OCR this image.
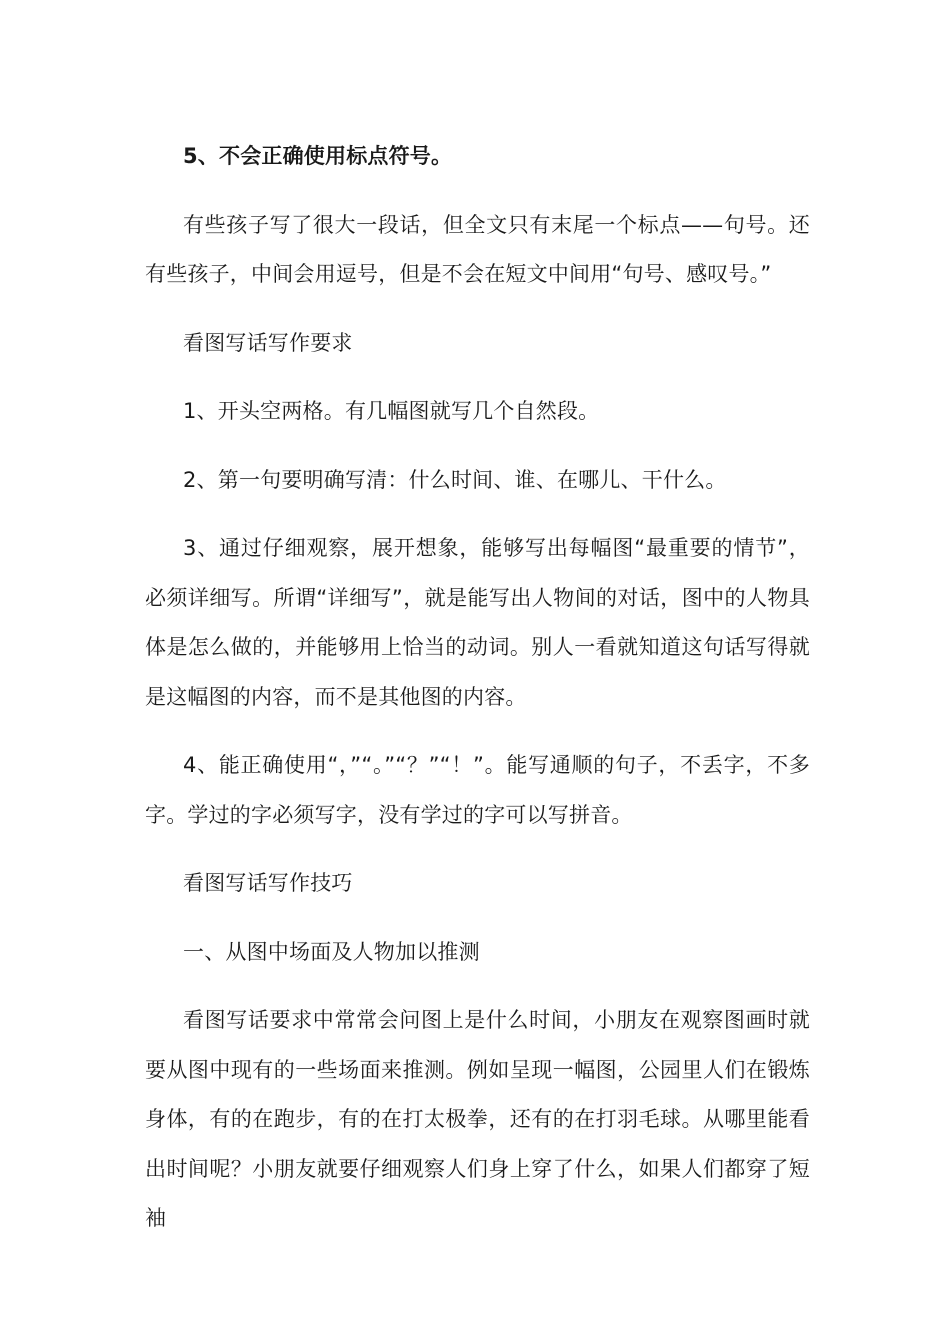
5、不会正确使用标点符号。

有些孩子写了很大一段话，但全文只有末尾一个标点——句号。还有些孩子，中间会用逗号，但是不会在短文中间用“句号、感叹号。”

看图写话写作要求

1、开头空两格。有几幅图就写几个自然段。

2、第一句要明确写清：什么时间、谁、在哪儿、干什么。

3、通过仔细观察，展开想象，能够写出每幅图“最重要的情节”，必须详细写。所谓“详细写”，就是能写出人物间的对话，图中的人物具体是怎么做的，并能够用上恰当的动词。别人一看就知道这句话写得就是这幅图的内容，而不是其他图的内容。

4、能正确使用“，”“。”“？”“！”。能写通顺的句子，不丢字，不多字。学过的字必须写字，没有学过的字可以写拼音。

看图写话写作技巧

一、从图中场面及人物加以推测

看图写话要求中常常会问图上是什么时间，小朋友在观察图画时就要从图中现有的一些场面来推测。例如呈现一幅图，公园里人们在锻炼身体，有的在跑步，有的在打太极拳，还有的在打羽毛球。从哪里能看出时间呢？小朋友就要仔细观察人们身上穿了什么，如果人们都穿了短袖
